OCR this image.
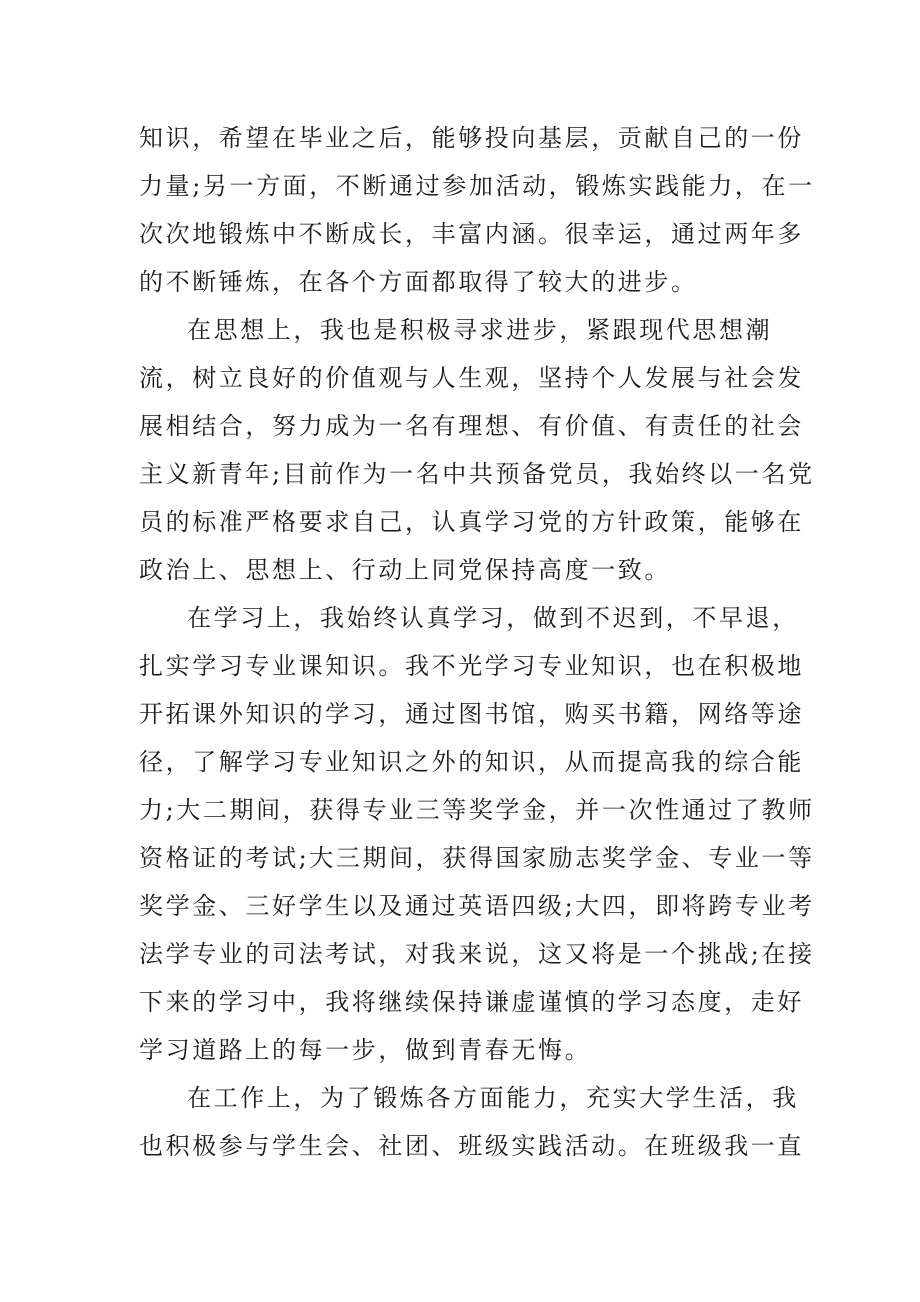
知识，希望在毕业之后，能够投向基层，贡献自己的一份

力量;另一方面，不断通过参加活动，锻炼实践能力，在一

次次地锻炼中不断成长，丰富内涵。很幸运，通过两年多

的不断锤炼，在各个方面都取得了较大的进步。

在思想上，我也是积极寻求进步，紧跟现代思想潮

流，树立良好的价值观与人生观，坚持个人发展与社会发

展相结合，努力成为一名有理想、有价值、有责任的社会

主义新青年;目前作为一名中共预备党员，我始终以一名党

员的标准严格要求自己，认真学习党的方针政策，能够在

政治上、思想上、行动上同党保持高度一致。

在学习上，我始终认真学习，做到不迟到，不早退，

扎实学习专业课知识。我不光学习专业知识，也在积极地

开拓课外知识的学习，通过图书馆，购买书籍，网络等途

径，了解学习专业知识之外的知识，从而提高我的综合能

力;大二期间，获得专业三等奖学金，并一次性通过了教师

资格证的考试;大三期间，获得国家励志奖学金、专业一等

奖学金、三好学生以及通过英语四级;大四，即将跨专业考

法学专业的司法考试，对我来说，这又将是一个挑战;在接

下来的学习中，我将继续保持谦虚谨慎的学习态度，走好

学习道路上的每一步，做到青春无悔。

在工作上，为了锻炼各方面能力，充实大学生活，我

也积极参与学生会、社团、班级实践活动。在班级我一直
